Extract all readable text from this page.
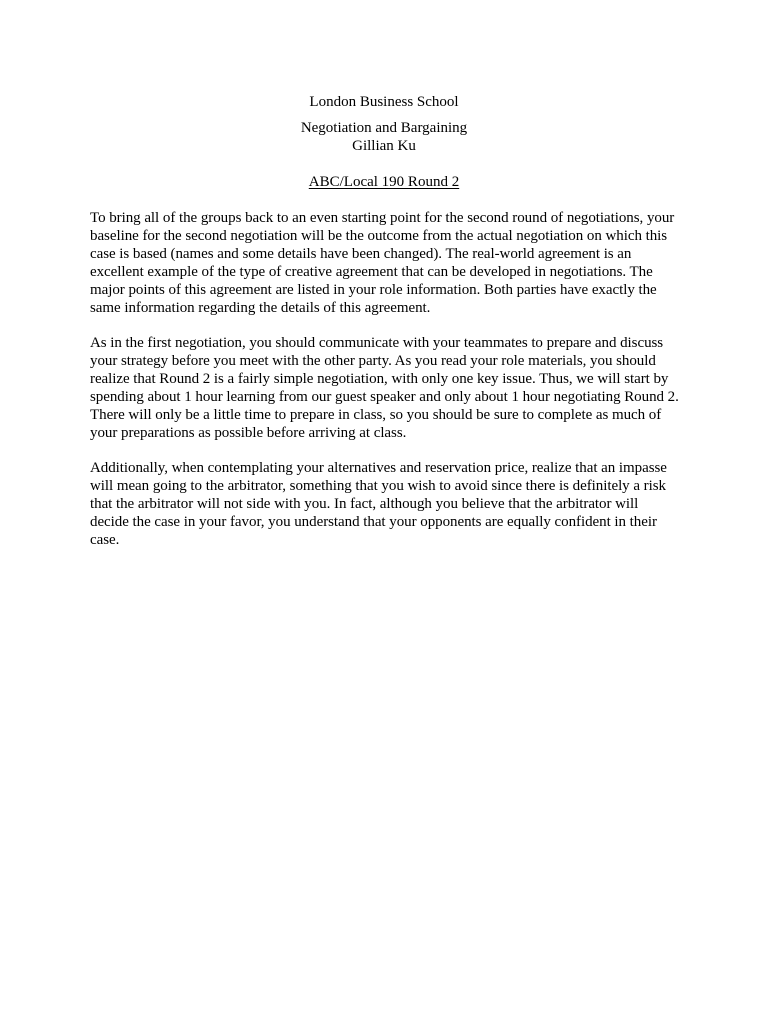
London Business School
Negotiation and Bargaining
Gillian Ku
ABC/Local 190 Round 2

To bring all of the groups back to an even starting point for the second round of negotiations, your baseline for the second negotiation will be the outcome from the actual negotiation on which this case is based (names and some details have been changed). The real-world agreement is an excellent example of the type of creative agreement that can be developed in negotiations. The major points of this agreement are listed in your role information. Both parties have exactly the same information regarding the details of this agreement.

As in the first negotiation, you should communicate with your teammates to prepare and discuss your strategy before you meet with the other party. As you read your role materials, you should realize that Round 2 is a fairly simple negotiation, with only one key issue. Thus, we will start by spending about 1 hour learning from our guest speaker and only about 1 hour negotiating Round 2. There will only be a little time to prepare in class, so you should be sure to complete as much of your preparations as possible before arriving at class.

Additionally, when contemplating your alternatives and reservation price, realize that an impasse will mean going to the arbitrator, something that you wish to avoid since there is definitely a risk that the arbitrator will not side with you. In fact, although you believe that the arbitrator will decide the case in your favor, you understand that your opponents are equally confident in their case.
